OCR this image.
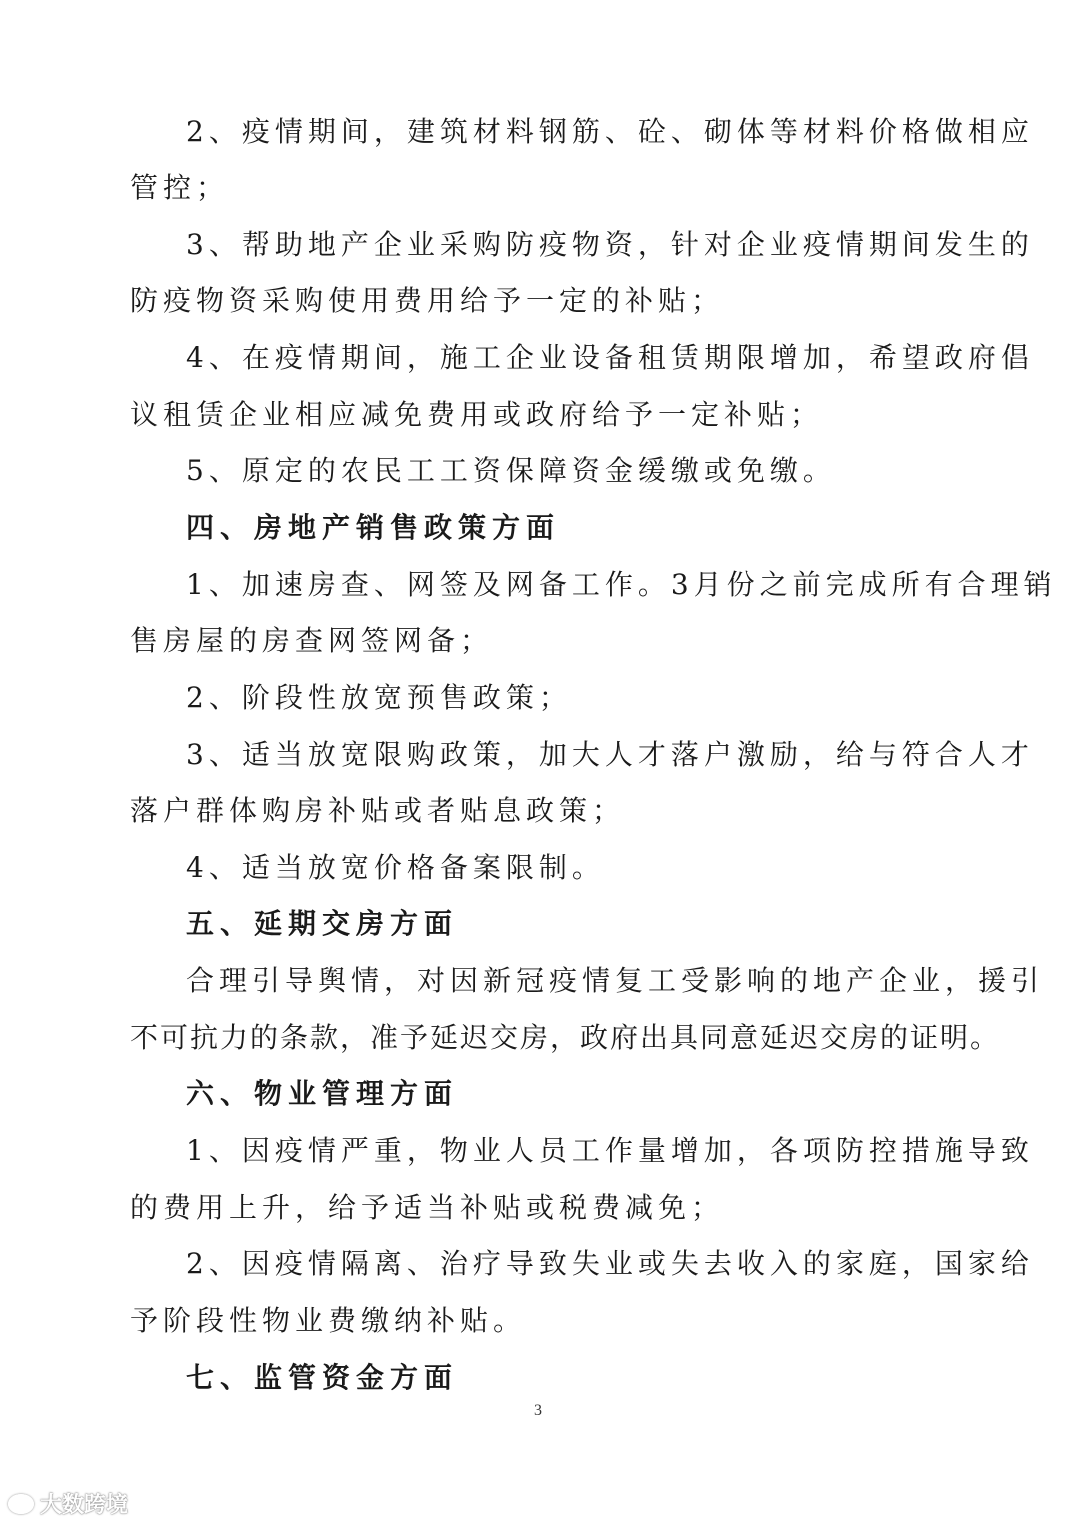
2、疫情期间，建筑材料钢筋、砼、砌体等材料价格做相应
管控；
3、帮助地产企业采购防疫物资，针对企业疫情期间发生的
防疫物资采购使用费用给予一定的补贴；
4、在疫情期间，施工企业设备租赁期限增加，希望政府倡
议租赁企业相应减免费用或政府给予一定补贴；
5、原定的农民工工资保障资金缓缴或免缴。
四、房地产销售政策方面
1、加速房查、网签及网备工作。3月份之前完成所有合理销
售房屋的房查网签网备；
2、阶段性放宽预售政策；
3、适当放宽限购政策，加大人才落户激励，给与符合人才
落户群体购房补贴或者贴息政策；
4、适当放宽价格备案限制。
五、延期交房方面
合理引导舆情，对因新冠疫情复工受影响的地产企业，援引
不可抗力的条款，准予延迟交房，政府出具同意延迟交房的证明。
六、物业管理方面
1、因疫情严重，物业人员工作量增加，各项防控措施导致
的费用上升，给予适当补贴或税费减免；
2、因疫情隔离、治疗导致失业或失去收入的家庭，国家给
予阶段性物业费缴纳补贴。
七、监管资金方面
3
大数跨境
